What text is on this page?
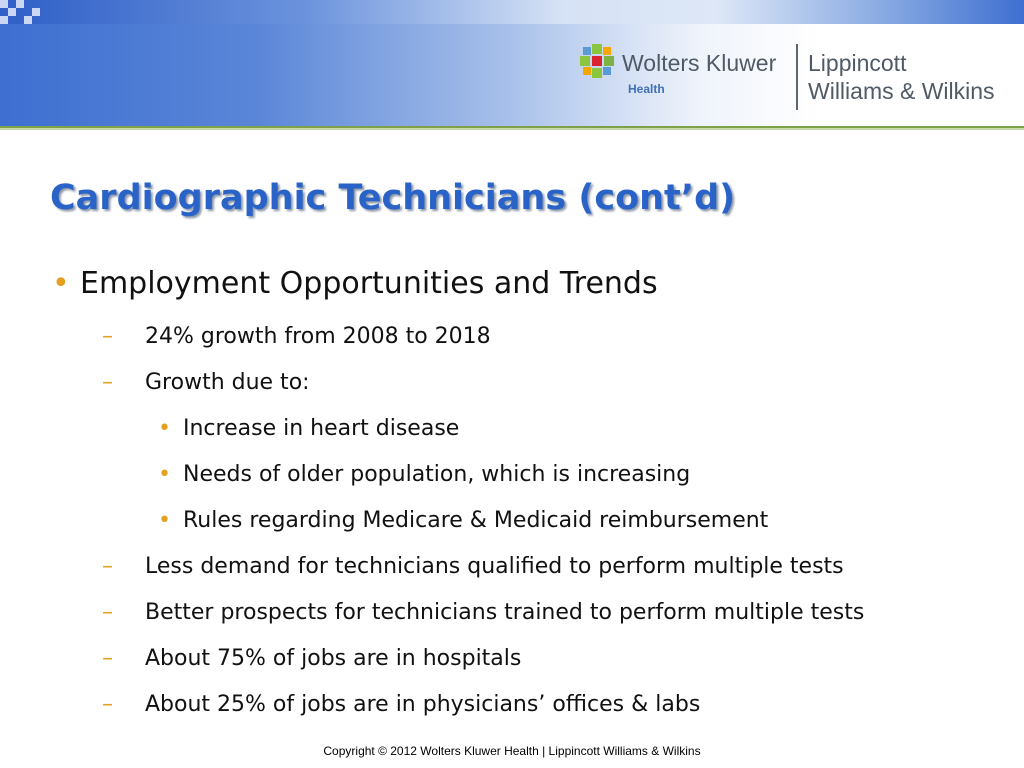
Wolters Kluwer
Health
Lippincott
Williams & Wilkins
Cardiographic Technicians (cont’d)
• Employment Opportunities and Trends
– 24% growth from 2008 to 2018
– Growth due to:
• Increase in heart disease
• Needs of older population, which is increasing
• Rules regarding Medicare & Medicaid reimbursement
– Less demand for technicians qualified to perform multiple tests
– Better prospects for technicians trained to perform multiple tests
– About 75% of jobs are in hospitals
– About 25% of jobs are in physicians’ offices & labs
Copyright © 2012 Wolters Kluwer Health | Lippincott Williams & Wilkins
